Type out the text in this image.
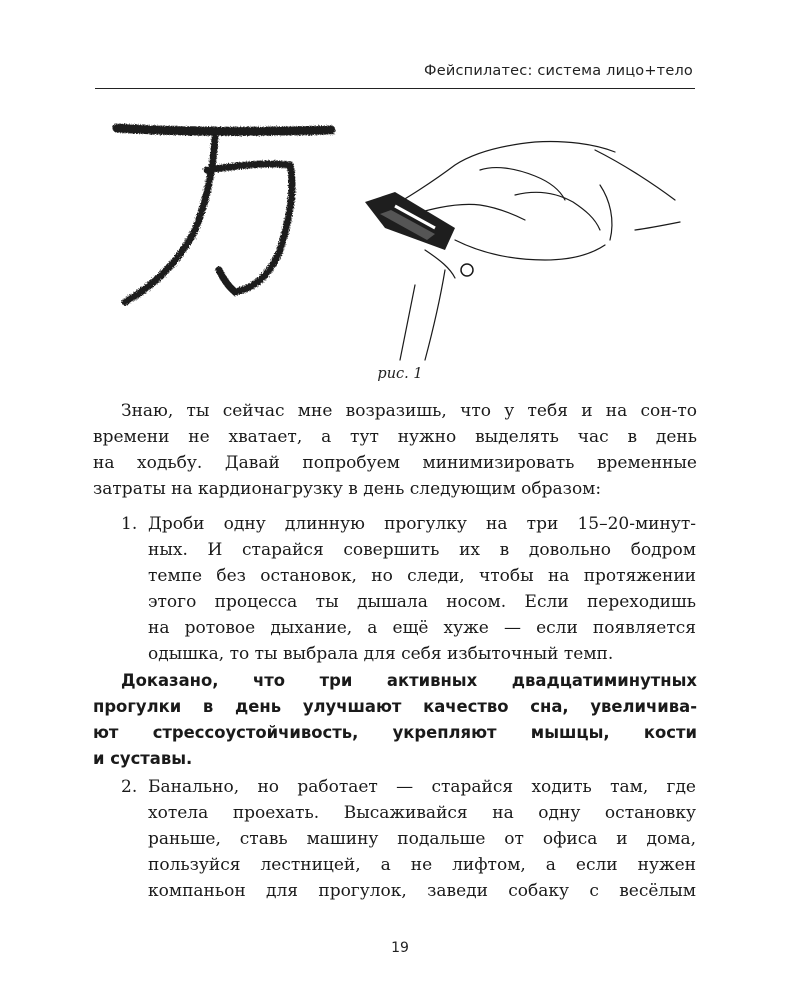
Фейспилатес: система лицо+тело
рис. 1
Знаю, ты сейчас мне возразишь, что у тебя и на сон-то
времени не хватает, а тут нужно выделять час в день
на ходьбу. Давай попробуем минимизировать временные
затраты на кардионагрузку в день следующим образом:
1. Дроби одну длинную прогулку на три 15–20-минут-
ных. И старайся совершить их в довольно бодром
темпе без остановок, но следи, чтобы на протяжении
этого процесса ты дышала носом. Если переходишь
на ротовое дыхание, а ещё хуже — если появляется
одышка, то ты выбрала для себя избыточный темп.
Доказано, что три активных двадцатиминутных
прогулки в день улучшают качество сна, увеличива-
ют стрессоустойчивость, укрепляют мышцы, кости
и суставы.
2. Банально, но работает — старайся ходить там, где
хотела проехать. Высаживайся на одну остановку
раньше, ставь машину подальше от офиса и дома,
пользуйся лестницей, а не лифтом, а если нужен
компаньон для прогулок, заведи собаку с весёлым
19
